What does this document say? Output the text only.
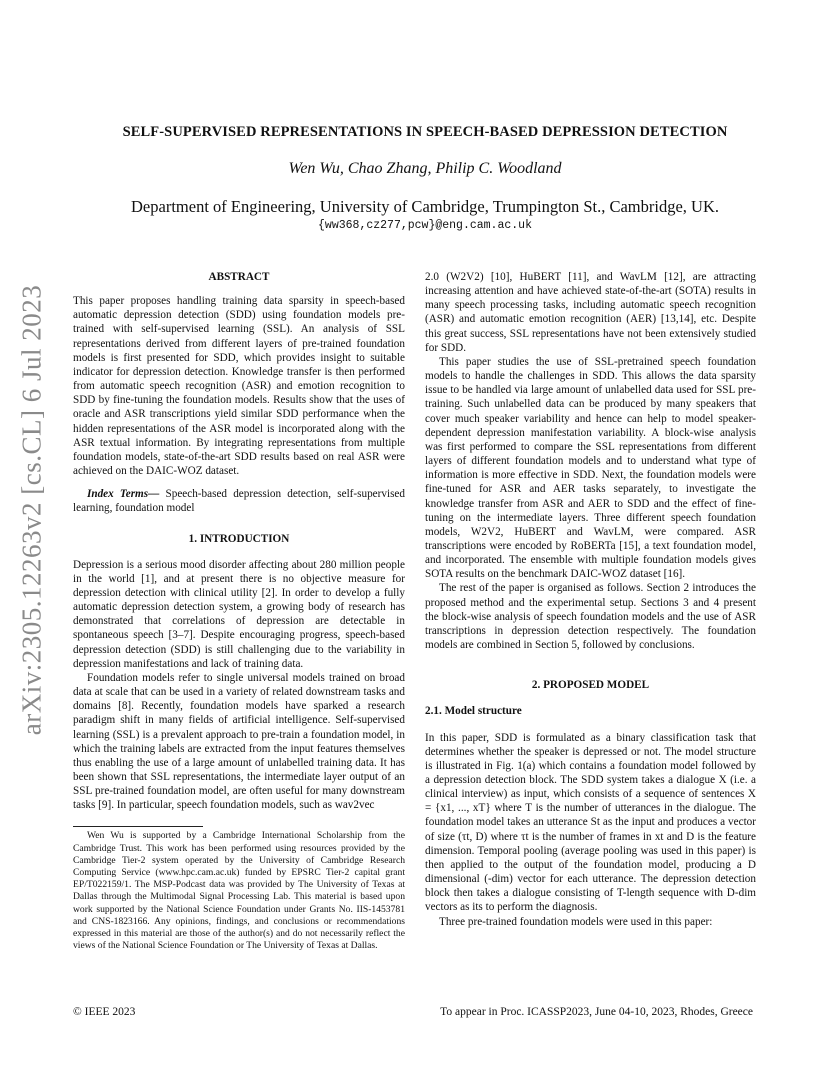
arXiv:2305.12263v2 [cs.CL] 6 Jul 2023
SELF-SUPERVISED REPRESENTATIONS IN SPEECH-BASED DEPRESSION DETECTION
Wen Wu, Chao Zhang, Philip C. Woodland
Department of Engineering, University of Cambridge, Trumpington St., Cambridge, UK.
{ww368,cz277,pcw}@eng.cam.ac.uk
ABSTRACT

This paper proposes handling training data sparsity in speech-based automatic depression detection (SDD) using foundation models pre-trained with self-supervised learning (SSL). An analysis of SSL representations derived from different layers of pre-trained foundation models is first presented for SDD, which provides insight to suitable indicator for depression detection. Knowledge transfer is then performed from automatic speech recognition (ASR) and emotion recognition to SDD by fine-tuning the foundation models. Results show that the uses of oracle and ASR transcriptions yield similar SDD performance when the hidden representations of the ASR model is incorporated along with the ASR textual information. By integrating representations from multiple foundation models, state-of-the-art SDD results based on real ASR were achieved on the DAIC-WOZ dataset.

Index Terms— Speech-based depression detection, self-supervised learning, foundation model

1. INTRODUCTION

Depression is a serious mood disorder affecting about 280 million people in the world [1], and at present there is no objective measure for depression detection with clinical utility [2]. In order to develop a fully automatic depression detection system, a growing body of research has demonstrated that correlations of depression are detectable in spontaneous speech [3–7]. Despite encouraging progress, speech-based depression detection (SDD) is still challenging due to the variability in depression manifestations and lack of training data.

Foundation models refer to single universal models trained on broad data at scale that can be used in a variety of related downstream tasks and domains [8]. Recently, foundation models have sparked a research paradigm shift in many fields of artificial intelligence. Self-supervised learning (SSL) is a prevalent approach to pre-train a foundation model, in which the training labels are extracted from the input features themselves thus enabling the use of a large amount of unlabelled training data. It has been shown that SSL representations, the intermediate layer output of an SSL pre-trained foundation model, are often useful for many downstream tasks [9]. In particular, speech foundation models, such as wav2vec

Wen Wu is supported by a Cambridge International Scholarship from the Cambridge Trust. This work has been performed using resources provided by the Cambridge Tier-2 system operated by the University of Cambridge Research Computing Service (www.hpc.cam.ac.uk) funded by EPSRC Tier-2 capital grant EP/T022159/1. The MSP-Podcast data was provided by The University of Texas at Dallas through the Multimodal Signal Processing Lab. This material is based upon work supported by the National Science Foundation under Grants No. IIS-1453781 and CNS-1823166. Any opinions, findings, and conclusions or recommendations expressed in this material are those of the author(s) and do not necessarily reflect the views of the National Science Foundation or The University of Texas at Dallas.

2.0 (W2V2) [10], HuBERT [11], and WavLM [12], are attracting increasing attention and have achieved state-of-the-art (SOTA) results in many speech processing tasks, including automatic speech recognition (ASR) and automatic emotion recognition (AER) [13,14], etc. Despite this great success, SSL representations have not been extensively studied for SDD.

This paper studies the use of SSL-pretrained speech foundation models to handle the challenges in SDD. This allows the data sparsity issue to be handled via large amount of unlabelled data used for SSL pre-training. Such unlabelled data can be produced by many speakers that cover much speaker variability and hence can help to model speaker-dependent depression manifestation variability. A block-wise analysis was first performed to compare the SSL representations from different layers of different foundation models and to understand what type of information is more effective in SDD. Next, the foundation models were fine-tuned for ASR and AER tasks separately, to investigate the knowledge transfer from ASR and AER to SDD and the effect of fine-tuning on the intermediate layers. Three different speech foundation models, W2V2, HuBERT and WavLM, were compared. ASR transcriptions were encoded by RoBERTa [15], a text foundation model, and incorporated. The ensemble with multiple foundation models gives SOTA results on the benchmark DAIC-WOZ dataset [16].

The rest of the paper is organised as follows. Section 2 introduces the proposed method and the experimental setup. Sections 3 and 4 present the block-wise analysis of speech foundation models and the use of ASR transcriptions in depression detection respectively. The foundation models are combined in Section 5, followed by conclusions.

2. PROPOSED MODEL
2.1. Model structure

In this paper, SDD is formulated as a binary classification task that determines whether the speaker is depressed or not. The model structure is illustrated in Fig. 1(a) which contains a foundation model followed by a depression detection block. The SDD system takes a dialogue X (i.e. a clinical interview) as input, which consists of a sequence of sentences X = {x1, ..., xT} where T is the number of utterances in the dialogue. The foundation model takes an utterance St as the input and produces a vector of size (τt, D) where τt is the number of frames in xt and D is the feature dimension. Temporal pooling (average pooling was used in this paper) is then applied to the output of the foundation model, producing a D dimensional (-dim) vector for each utterance. The depression detection block then takes a dialogue consisting of T-length sequence with D-dim vectors as its to perform the diagnosis.

Three pre-trained foundation models were used in this paper:

© IEEE 2023	To appear in Proc. ICASSP2023, June 04-10, 2023, Rhodes, Greece
